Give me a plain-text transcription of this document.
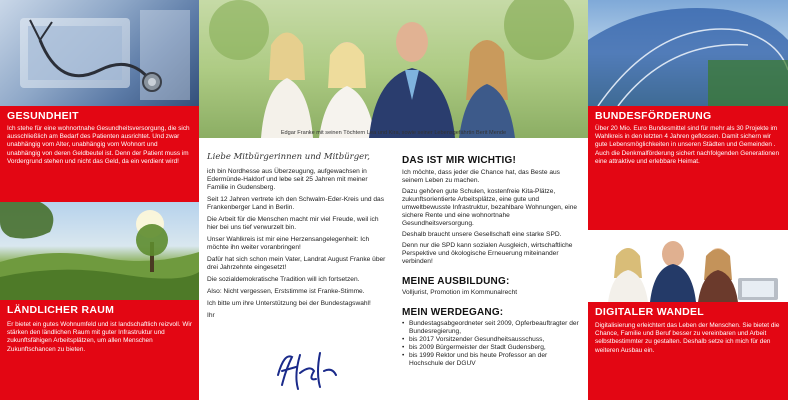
GESUNDHEIT
Ich stehe für eine wohnortnahe Gesundheitsversorgung, die sich ausschließlich am Bedarf des Patienten ausrichtet. Und zwar unabhängig vom Alter, unabhängig vom Wohnort und unabhängig von deren Geldbeutel ist. Denn der Patient muss im Vordergrund stehen und nicht das Geld, da ein verdient wird!
LÄNDLICHER RAUM
Er bietet ein gutes Wohnumfeld und ist landschaftlich reizvoll. Wir stärken den ländlichen Raum mit guter Infrastruktur und zukunftsfähigen Arbeitsplätzen, um allen Menschen Zukunftschancen zu bieten.
Edgar Franke mit seinen Töchtern Lea und Kira, sowie seiner Lebensgefährtin Berit Mende
Liebe Mitbürgerinnen und Mitbürger,
ich bin Nordhesse aus Überzeugung, aufgewachsen in Edermünde-Haldorf und lebe seit 25 Jahren mit meiner Familie in Gudensberg.
Seit 12 Jahren vertrete ich den Schwalm-Eder-Kreis und das Frankenberger Land in Berlin.
Die Arbeit für die Menschen macht mir viel Freude, weil ich hier bei uns tief verwurzelt bin.
Unser Wahlkreis ist mir eine Herzensangelegenheit: Ich möchte ihn weiter voranbringen!
Dafür hat sich schon mein Vater, Landrat August Franke über drei Jahrzehnte eingesetzt!
Die sozialdemokratische Tradition will ich fortsetzen.
Also: Nicht vergessen, Erststimme ist Franke-Stimme.
Ich bitte um ihre Unterstützung bei der Bundestagswahl!
Ihr
DAS IST MIR WICHTIG!
Ich möchte, dass jeder die Chance hat, das Beste aus seinem Leben zu machen.
Dazu gehören gute Schulen, kostenfreie Kita-Plätze, zukunftsorientierte Arbeitsplätze, eine gute und umweltbewusste Infrastruktur, bezahlbare Wohnungen, eine sichere Rente und eine wohnortnahe Gesundheitsversorgung.
Deshalb braucht unsere Gesellschaft eine starke SPD.
Denn nur die SPD kann sozialen Ausgleich, wirtschaftliche Perspektive und ökologische Erneuerung miteinander verbinden!
MEINE AUSBILDUNG:
Volljurist, Promotion im Kommunalrecht
MEIN WERDEGANG:
• Bundestagsabgeordneter seit 2009, Opferbeauftragter der Bundesregierung,
• bis 2017 Vorsitzender Gesundheitsausschuss,
• bis 2009 Bürgermeister der Stadt Gudensberg,
• bis 1999 Rektor und bis heute Professor an der Hochschule der DGUV
BUNDESFÖRDERUNG
Über 20 Mio. Euro Bundesmittel sind für mehr als 30 Projekte im Wahlkreis in den letzten 4 Jahren geflossen. Damit sichern wir gute Lebensmöglichkeiten in unseren Städten und Gemeinden . Auch die Denkmalförderung sichert nachfolgenden Generationen eine attraktive und erlebbare Heimat.
DIGITALER WANDEL
Digitalisierung erleichtert das Leben der Menschen. Sie bietet die Chance, Familie und Beruf besser zu vereinbaren und Arbeit selbstbestimmter zu gestalten. Deshalb setze ich mich für den weiteren Ausbau ein.
